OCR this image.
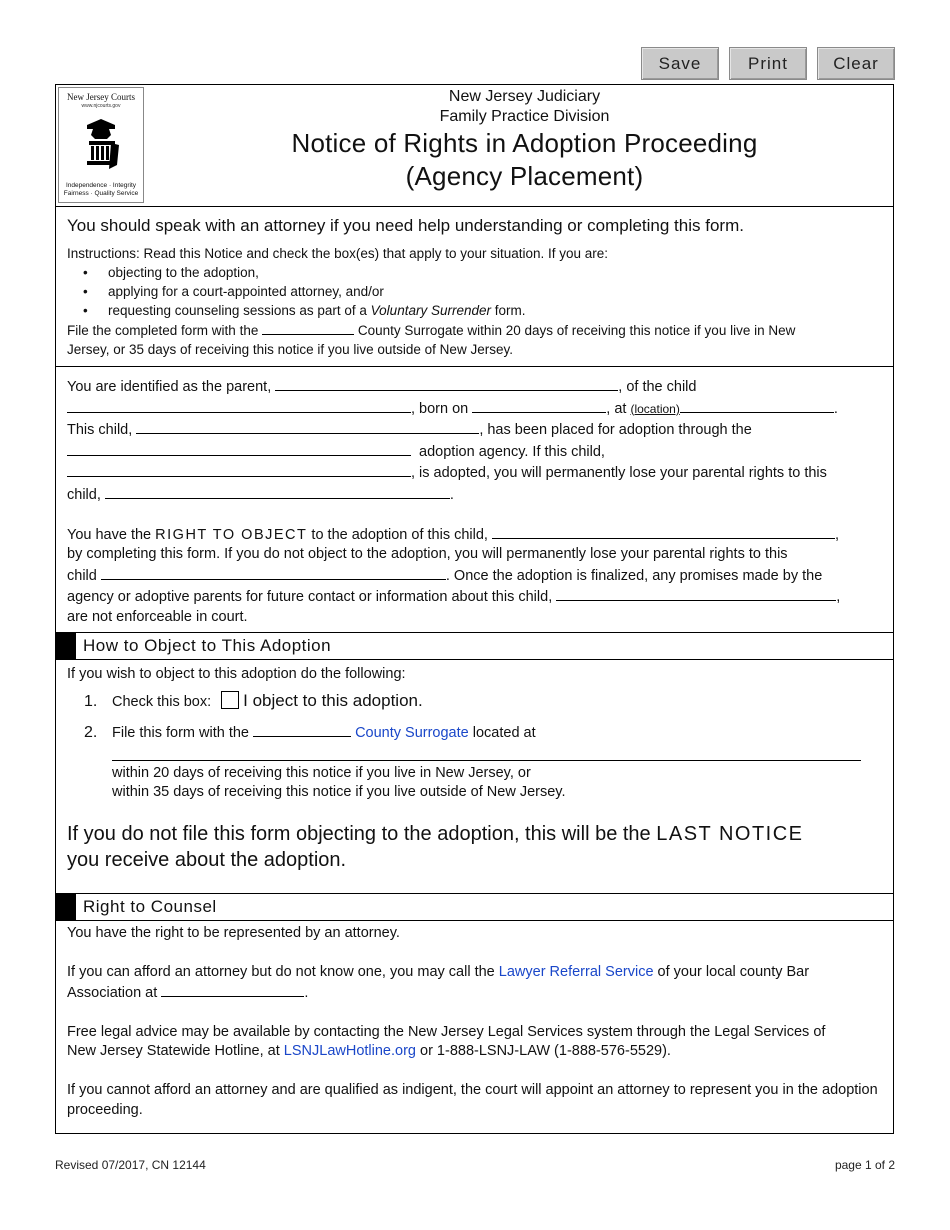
Save	Print	Clear
New Jersey Courts
www.njcourts.gov
Independence · Integrity
Fairness · Quality Service
New Jersey Judiciary
Family Practice Division
Notice of Rights in Adoption Proceeding
(Agency Placement)
You should speak with an attorney if you need help understanding or completing this form.
Instructions: Read this Notice and check the box(es) that apply to your situation. If you are:
• objecting to the adoption,
• applying for a court-appointed attorney, and/or
• requesting counseling sessions as part of a Voluntary Surrender form.
File the completed form with the	County Surrogate within 20 days of receiving this notice if you live in New
Jersey, or 35 days of receiving this notice if you live outside of New Jersey.
You are identified as the parent,	, of the child
, born on	, at (location)	.
This child,	, has been placed for adoption through the
adoption agency. If this child,
, is adopted, you will permanently lose your parental rights to this
child,	.
You have the RIGHT TO OBJECT to the adoption of this child,	,
by completing this form. If you do not object to the adoption, you will permanently lose your parental rights to this
child	. Once the adoption is finalized, any promises made by the
agency or adoptive parents for future contact or information about this child,	,
are not enforceable in court.
How to Object to This Adoption
If you wish to object to this adoption do the following:
1.	Check this box: I object to this adoption.
2.	File this form with the	County Surrogate located at
within 20 days of receiving this notice if you live in New Jersey, or
within 35 days of receiving this notice if you live outside of New Jersey.
If you do not file this form objecting to the adoption, this will be the LAST NOTICE
you receive about the adoption.
Right to Counsel
You have the right to be represented by an attorney.
If you can afford an attorney but do not know one, you may call the Lawyer Referral Service of your local county Bar
Association at	.
Free legal advice may be available by contacting the New Jersey Legal Services system through the Legal Services of
New Jersey Statewide Hotline, at LSNJLawHotline.org or 1-888-LSNJ-LAW (1-888-576-5529).
If you cannot afford an attorney and are qualified as indigent, the court will appoint an attorney to represent you in the adoption proceeding.
Revised 07/2017, CN 12144	page 1 of 2
